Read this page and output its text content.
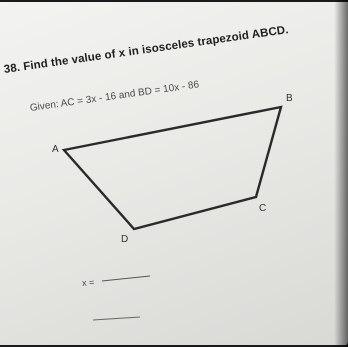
38. Find the value of x in isosceles trapezoid ABCD.
Given: AC = 3x - 16 and BD = 10x - 86
A
B
C
D
x =
